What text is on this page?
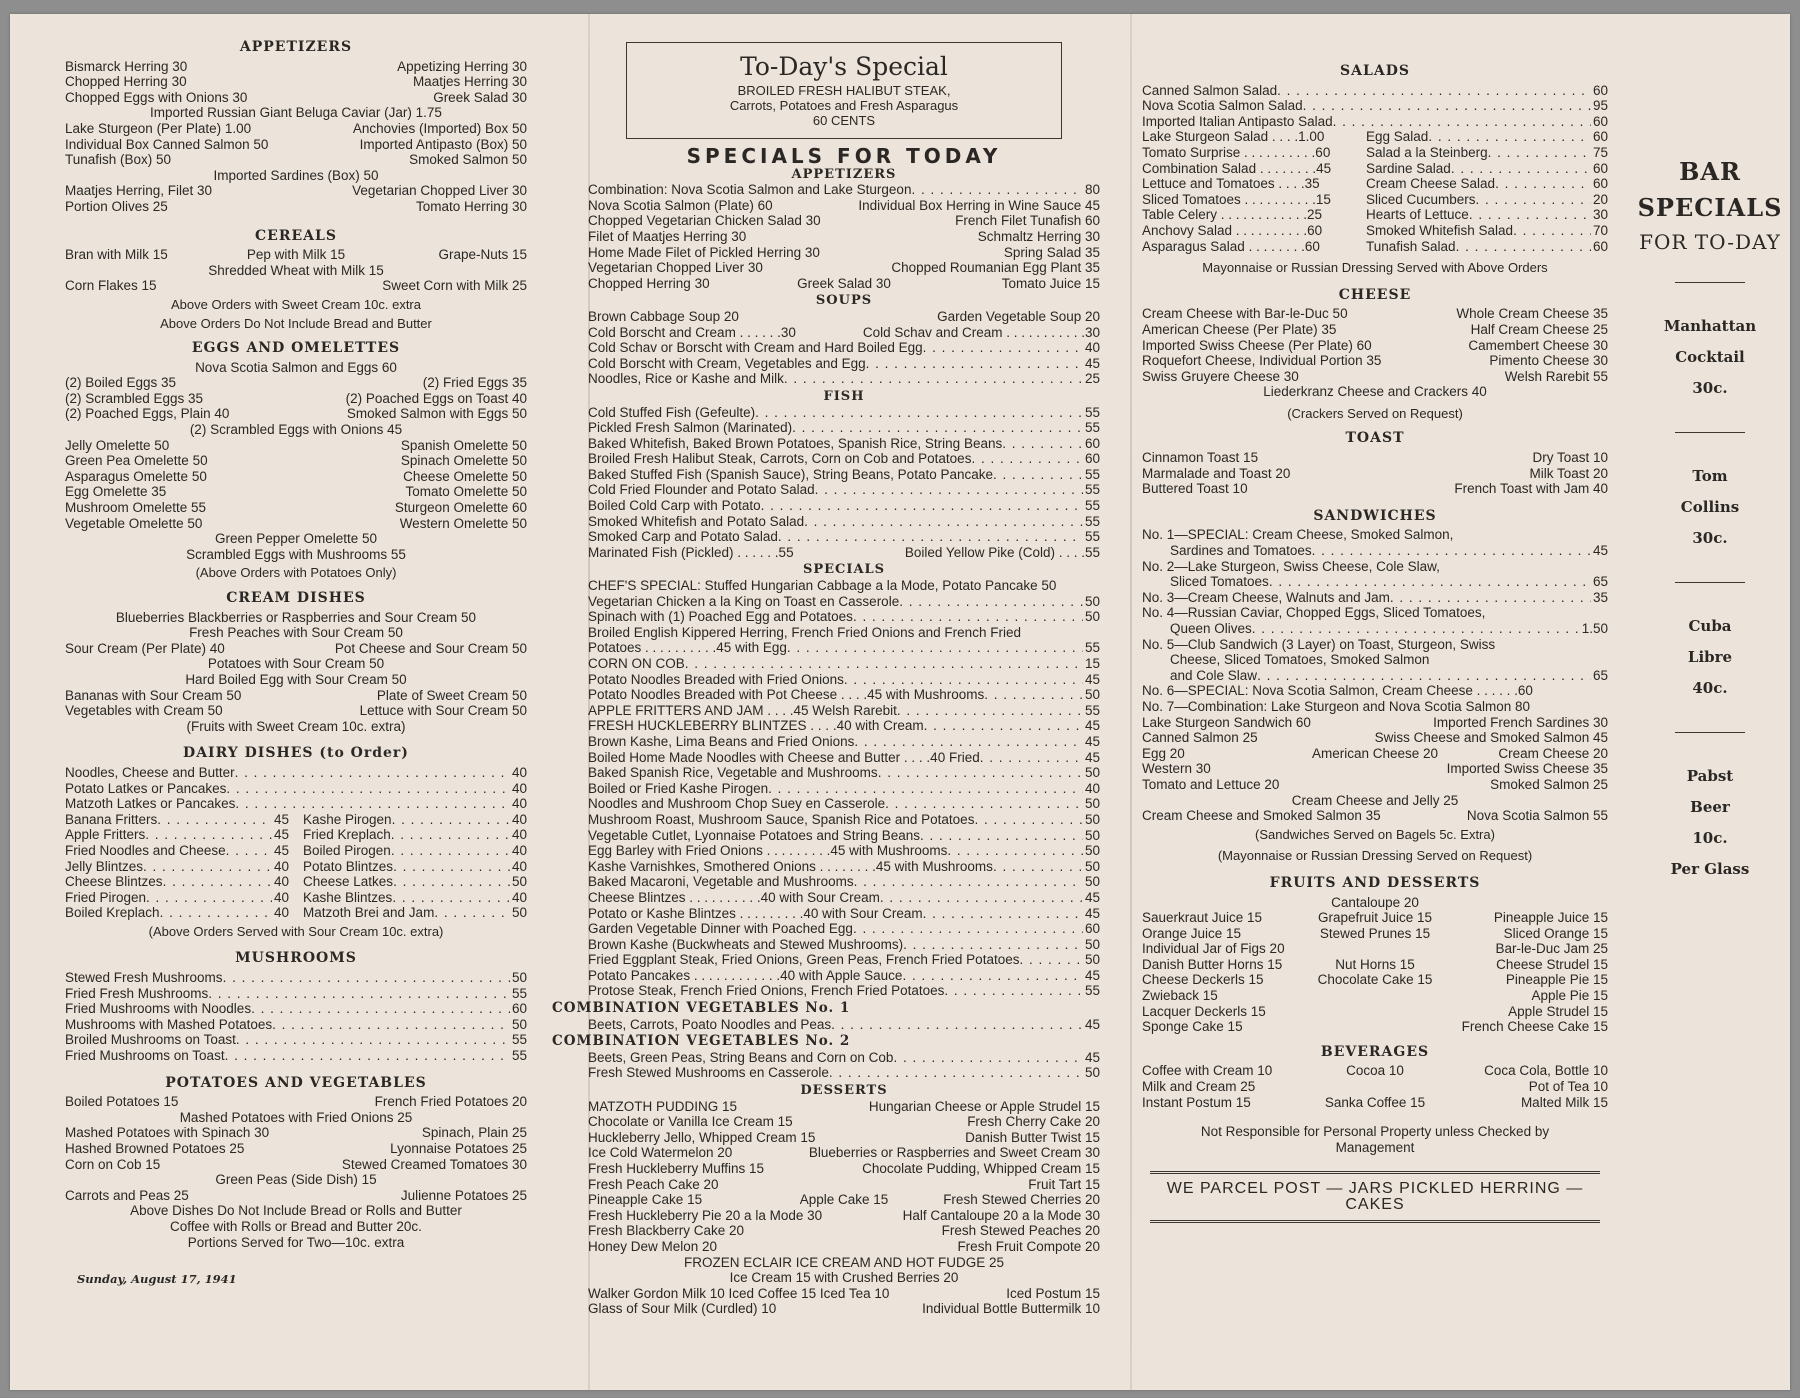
APPETIZERS
Bismarck Herring 30	Appetizing Herring 30
Chopped Herring 30	Maatjes Herring 30
Chopped Eggs with Onions 30	Greek Salad 30
Imported Russian Giant Beluga Caviar (Jar) 1.75
Lake Sturgeon (Per Plate) 1.00	Anchovies (Imported) Box 50
Individual Box Canned Salmon 50	Imported Antipasto (Box) 50
Tunafish (Box) 50	Smoked Salmon 50
Imported Sardines (Box) 50
Maatjes Herring, Filet 30	Vegetarian Chopped Liver 30
Portion Olives 25	Tomato Herring 30
CEREALS
Bran with Milk 15	Pep with Milk 15	Grape-Nuts 15
Shredded Wheat with Milk 15
Corn Flakes 15	Sweet Corn with Milk 25
Above Orders with Sweet Cream 10c. extra
Above Orders Do Not Include Bread and Butter
EGGS AND OMELETTES
Nova Scotia Salmon and Eggs 60
(2) Boiled Eggs 35	(2) Fried Eggs 35
(2) Scrambled Eggs 35	(2) Poached Eggs on Toast 40
(2) Poached Eggs, Plain 40	Smoked Salmon with Eggs 50
(2) Scrambled Eggs with Onions 45
Jelly Omelette 50	Spanish Omelette 50
Green Pea Omelette 50	Spinach Omelette 50
Asparagus Omelette 50	Cheese Omelette 50
Egg Omelette 35	Tomato Omelette 50
Mushroom Omelette 55	Sturgeon Omelette 60
Vegetable Omelette 50	Western Omelette 50
Green Pepper Omelette 50
Scrambled Eggs with Mushrooms 55
(Above Orders with Potatoes Only)
CREAM DISHES
Blueberries Blackberries or Raspberries and Sour Cream 50
Fresh Peaches with Sour Cream 50
Sour Cream (Per Plate) 40	Pot Cheese and Sour Cream 50
Potatoes with Sour Cream 50
Hard Boiled Egg with Sour Cream 50
Bananas with Sour Cream 50	Plate of Sweet Cream 50
Vegetables with Cream 50	Lettuce with Sour Cream 50
(Fruits with Sweet Cream 10c. extra)
DAIRY DISHES (to Order)
Noodles, Cheese and Butter . . .	40
Potato Latkes or Pancakes . . .	40
Matzoth Latkes or Pancakes . . .	40
Banana Fritters . . .	45 Kashe Pirogen . . .	40
Apple Fritters . . .	45 Fried Kreplach . . .	40
Fried Noodles and Cheese . . .	45 Boiled Pirogen . . .	40
Jelly Blintzes . . .	40 Potato Blintzes . . .	40
Cheese Blintzes . . .	40 Cheese Latkes . . .	50
Fried Pirogen . . .	40 Kashe Blintzes . . .	40
Boiled Kreplach . . .	40 Matzoth Brei and Jam . . .	50
(Above Orders Served with Sour Cream 10c. extra)
MUSHROOMS
Stewed Fresh Mushrooms . . .	50
Fried Fresh Mushrooms . . .	55
Fried Mushrooms with Noodles . . .	60
Mushrooms with Mashed Potatoes . . .	50
Broiled Mushrooms on Toast . . .	55
Fried Mushrooms on Toast . . .	55
POTATOES AND VEGETABLES
Boiled Potatoes 15	French Fried Potatoes 20
Mashed Potatoes with Fried Onions 25
Mashed Potatoes with Spinach 30	Spinach, Plain 25
Hashed Browned Potatoes 25	Lyonnaise Potatoes 25
Corn on Cob 15	Stewed Creamed Tomatoes 30
Green Peas (Side Dish) 15
Carrots and Peas 25	Julienne Potatoes 25
Above Dishes Do Not Include Bread or Rolls and Butter
Coffee with Rolls or Bread and Butter 20c.
Portions Served for Two—10c. extra
Sunday, August 17, 1941
To-Day's Special
BROILED FRESH HALIBUT STEAK,
Carrots, Potatoes and Fresh Asparagus
60 CENTS
SPECIALS FOR TODAY
APPETIZERS
Combination: Nova Scotia Salmon and Lake Sturgeon . . .	80
Nova Scotia Salmon (Plate) 60	Individual Box Herring in Wine Sauce 45
Chopped Vegetarian Chicken Salad 30	French Filet Tunafish 60
Filet of Maatjes Herring 30	Schmaltz Herring 30
Home Made Filet of Pickled Herring 30	Spring Salad 35
Vegetarian Chopped Liver 30	Chopped Roumanian Egg Plant 35
Chopped Herring 30	Greek Salad 30	Tomato Juice 15
SOUPS
Brown Cabbage Soup 20	Garden Vegetable Soup 20
Cold Borscht and Cream . . . . . .30	Cold Schav and Cream . . . . . . . . . . .30
Cold Schav or Borscht with Cream and Hard Boiled Egg . . .	40
Cold Borscht with Cream, Vegetables and Egg . . .	45
Noodles, Rice or Kashe and Milk . . .	25
FISH
Cold Stuffed Fish (Gefeulte) . . .	55
Pickled Fresh Salmon (Marinated) . . .	55
Baked Whitefish, Baked Brown Potatoes, Spanish Rice, String Beans . . .	60
Broiled Fresh Halibut Steak, Carrots, Corn on Cob and Potatoes . . .	60
Baked Stuffed Fish (Spanish Sauce), String Beans, Potato Pancake . . .	55
Cold Fried Flounder and Potato Salad . . .	55
Boiled Cold Carp with Potato . . .	55
Smoked Whitefish and Potato Salad . . .	55
Smoked Carp and Potato Salad . . .	55
Marinated Fish (Pickled) . . . . . .55	Boiled Yellow Pike (Cold) . . . .55
SPECIALS
CHEF'S SPECIAL: Stuffed Hungarian Cabbage a la Mode, Potato Pancake 50
Vegetarian Chicken a la King on Toast en Casserole . . .	50
Spinach with (1) Poached Egg and Potatoes . . .	50
Broiled English Kippered Herring, French Fried Onions and French Fried
Potatoes . . . . . . . . . .45 with Egg . . .	55
CORN ON COB . . .	15
Potato Noodles Breaded with Fried Onions . . .	45
Potato Noodles Breaded with Pot Cheese . . . .45 with Mushrooms . . .	50
APPLE FRITTERS AND JAM . . . .45 Welsh Rarebit . . .	55
FRESH HUCKLEBERRY BLINTZES . . . .40 with Cream . . .	45
Brown Kashe, Lima Beans and Fried Onions . . .	45
Boiled Home Made Noodles with Cheese and Butter . . . .40 Fried . . .	45
Baked Spanish Rice, Vegetable and Mushrooms . . .	50
Boiled or Fried Kashe Pirogen . . .	40
Noodles and Mushroom Chop Suey en Casserole . . .	50
Mushroom Roast, Mushroom Sauce, Spanish Rice and Potatoes . . .	50
Vegetable Cutlet, Lyonnaise Potatoes and String Beans . . .	50
Egg Barley with Fried Onions . . . . . . . . .45 with Mushrooms . . .	50
Kashe Varnishkes, Smothered Onions . . . . . . . .45 with Mushrooms . . .	50
Baked Macaroni, Vegetable and Mushrooms . . .	50
Cheese Blintzes . . . . . . . . . .40 with Sour Cream . . .	45
Potato or Kashe Blintzes . . . . . . . . .40 with Sour Cream . . .	45
Garden Vegetable Dinner with Poached Egg . . .	60
Brown Kashe (Buckwheats and Stewed Mushrooms) . . .	50
Fried Eggplant Steak, Fried Onions, Green Peas, French Fried Potatoes . . .	50
Potato Pancakes . . . . . . . . . . . .40 with Apple Sauce . . .	45
Protose Steak, French Fried Onions, French Fried Potatoes . . .	55
COMBINATION VEGETABLES No. 1
Beets, Carrots, Poato Noodles and Peas . . .	45
COMBINATION VEGETABLES No. 2
Beets, Green Peas, String Beans and Corn on Cob . . .	45
Fresh Stewed Mushrooms en Casserole . . .	50
DESSERTS
MATZOTH PUDDING 15	Hungarian Cheese or Apple Strudel 15
Chocolate or Vanilla Ice Cream 15	Fresh Cherry Cake 20
Huckleberry Jello, Whipped Cream 15	Danish Butter Twist 15
Ice Cold Watermelon 20	Blueberries or Raspberries and Sweet Cream 30
Fresh Huckleberry Muffins 15	Chocolate Pudding, Whipped Cream 15
Fresh Peach Cake 20	Fruit Tart 15
Pineapple Cake 15	Apple Cake 15	Fresh Stewed Cherries 20
Fresh Huckleberry Pie 20 a la Mode 30	Half Cantaloupe 20 a la Mode 30
Fresh Blackberry Cake 20	Fresh Stewed Peaches 20
Honey Dew Melon 20	Fresh Fruit Compote 20
FROZEN ECLAIR ICE CREAM AND HOT FUDGE 25
Ice Cream 15 with Crushed Berries 20
Walker Gordon Milk 10 Iced Coffee 15 Iced Tea 10	Iced Postum 15
Glass of Sour Milk (Curdled) 10	Individual Bottle Buttermilk 10
SALADS
Canned Salmon Salad . . .	60
Nova Scotia Salmon Salad . . .	95
Imported Italian Antipasto Salad . . .	60
Lake Sturgeon Salad . . . .1.00	Egg Salad . . .	60
Tomato Surprise . . . . . . . . . .60	Salad a la Steinberg . . .	75
Combination Salad . . . . . . . .45	Sardine Salad . . .	60
Lettuce and Tomatoes . . . .35	Cream Cheese Salad . . .	60
Sliced Tomatoes . . . . . . . . . .15	Sliced Cucumbers . . .	20
Table Celery . . . . . . . . . . . .25	Hearts of Lettuce . . .	30
Anchovy Salad . . . . . . . . . .60	Smoked Whitefish Salad . . .	70
Asparagus Salad . . . . . . . .60	Tunafish Salad . . .	60
Mayonnaise or Russian Dressing Served with Above Orders
CHEESE
Cream Cheese with Bar-le-Duc 50	Whole Cream Cheese 35
American Cheese (Per Plate) 35	Half Cream Cheese 25
Imported Swiss Cheese (Per Plate) 60	Camembert Cheese 30
Roquefort Cheese, Individual Portion 35	Pimento Cheese 30
Swiss Gruyere Cheese 30	Welsh Rarebit 55
Liederkranz Cheese and Crackers 40
(Crackers Served on Request)
TOAST
Cinnamon Toast 15	Dry Toast 10
Marmalade and Toast 20	Milk Toast 20
Buttered Toast 10	French Toast with Jam 40
SANDWICHES
No. 1—SPECIAL: Cream Cheese, Smoked Salmon,
Sardines and Tomatoes . . .	45
No. 2—Lake Sturgeon, Swiss Cheese, Cole Slaw,
Sliced Tomatoes . . .	65
No. 3—Cream Cheese, Walnuts and Jam . . .	35
No. 4—Russian Caviar, Chopped Eggs, Sliced Tomatoes,
Queen Olives . . .	1.50
No. 5—Club Sandwich (3 Layer) on Toast, Sturgeon, Swiss
Cheese, Sliced Tomatoes, Smoked Salmon
and Cole Slaw . . .	65
No. 6—SPECIAL: Nova Scotia Salmon, Cream Cheese . . . . . .60
No. 7—Combination: Lake Sturgeon and Nova Scotia Salmon 80
Lake Sturgeon Sandwich 60	Imported French Sardines 30
Canned Salmon 25	Swiss Cheese and Smoked Salmon 45
Egg 20	American Cheese 20	Cream Cheese 20
Western 30	Imported Swiss Cheese 35
Tomato and Lettuce 20	Smoked Salmon 25
Cream Cheese and Jelly 25
Cream Cheese and Smoked Salmon 35	Nova Scotia Salmon 55
(Sandwiches Served on Bagels 5c. Extra)
(Mayonnaise or Russian Dressing Served on Request)
FRUITS AND DESSERTS
Cantaloupe 20
Sauerkraut Juice 15	Grapefruit Juice 15	Pineapple Juice 15
Orange Juice 15	Stewed Prunes 15	Sliced Orange 15
Individual Jar of Figs 20	Bar-le-Duc Jam 25
Danish Butter Horns 15	Nut Horns 15	Cheese Strudel 15
Cheese Deckerls 15	Chocolate Cake 15	Pineapple Pie 15
Zwieback 15	Apple Pie 15
Lacquer Deckerls 15	Apple Strudel 15
Sponge Cake 15	French Cheese Cake 15
BEVERAGES
Coffee with Cream 10	Cocoa 10	Coca Cola, Bottle 10
Milk and Cream 25	Pot of Tea 10
Instant Postum 15	Sanka Coffee 15	Malted Milk 15
Not Responsible for Personal Property unless Checked by Management
WE PARCEL POST — JARS PICKLED HERRING — CAKES
BAR
SPECIALS
FOR TO-DAY
Manhattan
Cocktail
30c.
Tom
Collins
30c.
Cuba
Libre
40c.
Pabst
Beer
10c.
Per Glass
